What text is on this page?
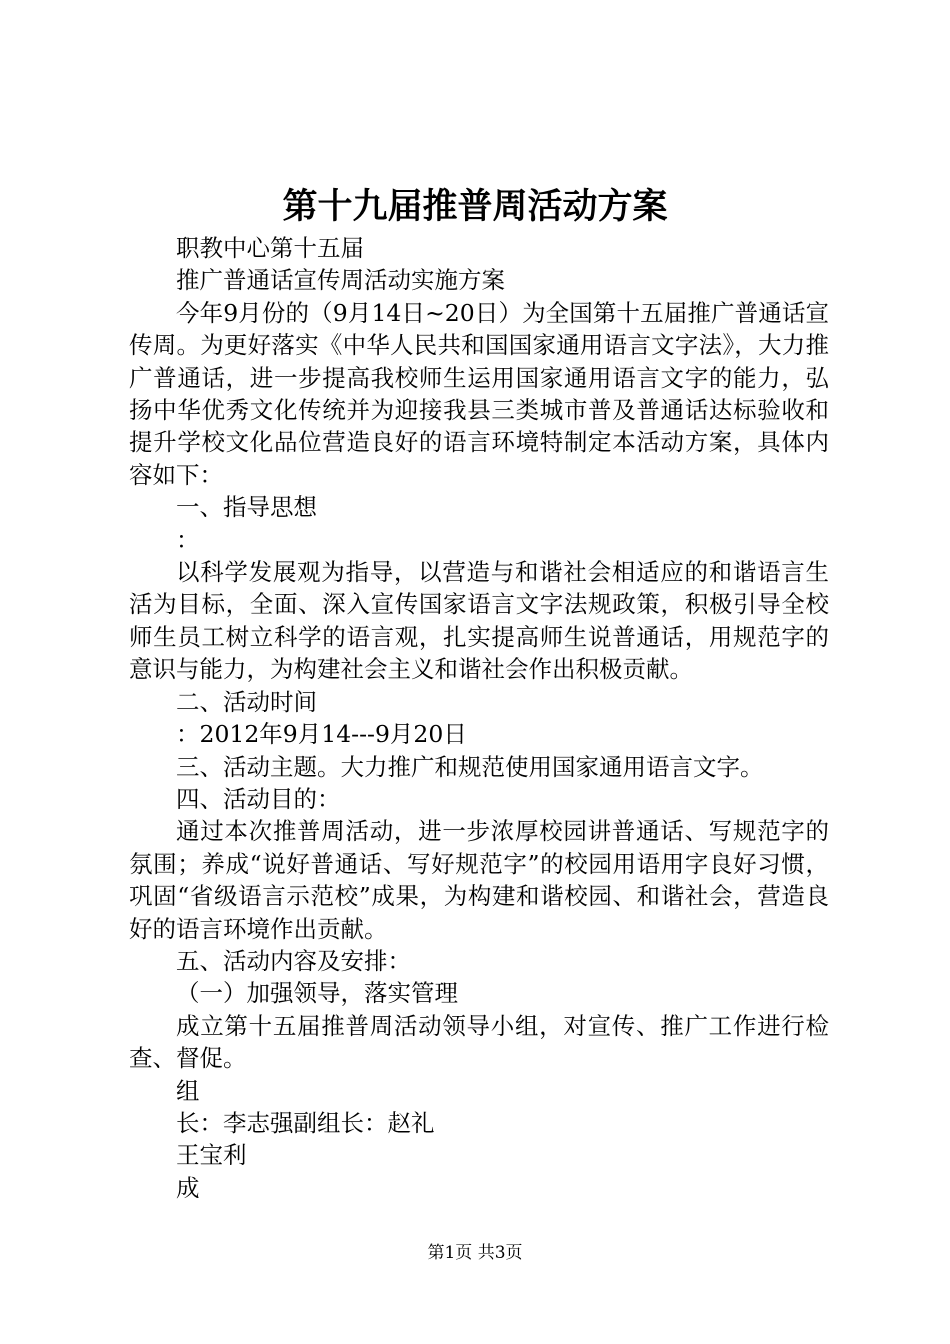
第十九届推普周活动方案

职教中心第十五届

推广普通话宣传周活动实施方案

今年9月份的（9月14日~20日）为全国第十五届推广普通话宣传周。为更好落实《中华人民共和国国家通用语言文字法》，大力推广普通话，进一步提高我校师生运用国家通用语言文字的能力，弘扬中华优秀文化传统并为迎接我县三类城市普及普通话达标验收和提升学校文化品位营造良好的语言环境特制定本活动方案，具体内容如下：

一、指导思想

：

以科学发展观为指导，以营造与和谐社会相适应的和谐语言生活为目标，全面、深入宣传国家语言文字法规政策，积极引导全校师生员工树立科学的语言观，扎实提高师生说普通话，用规范字的意识与能力，为构建社会主义和谐社会作出积极贡献。

二、活动时间

：2012年9月14---9月20日

三、活动主题。大力推广和规范使用国家通用语言文字。

四、活动目的：

通过本次推普周活动，进一步浓厚校园讲普通话、写规范字的氛围；养成“说好普通话、写好规范字”的校园用语用字良好习惯，巩固“省级语言示范校”成果，为构建和谐校园、和谐社会，营造良好的语言环境作出贡献。

五、活动内容及安排：

（一）加强领导，落实管理

成立第十五届推普周活动领导小组，对宣传、推广工作进行检查、督促。

组

长：李志强副组长：赵礼

王宝利

成

第1页 共3页
